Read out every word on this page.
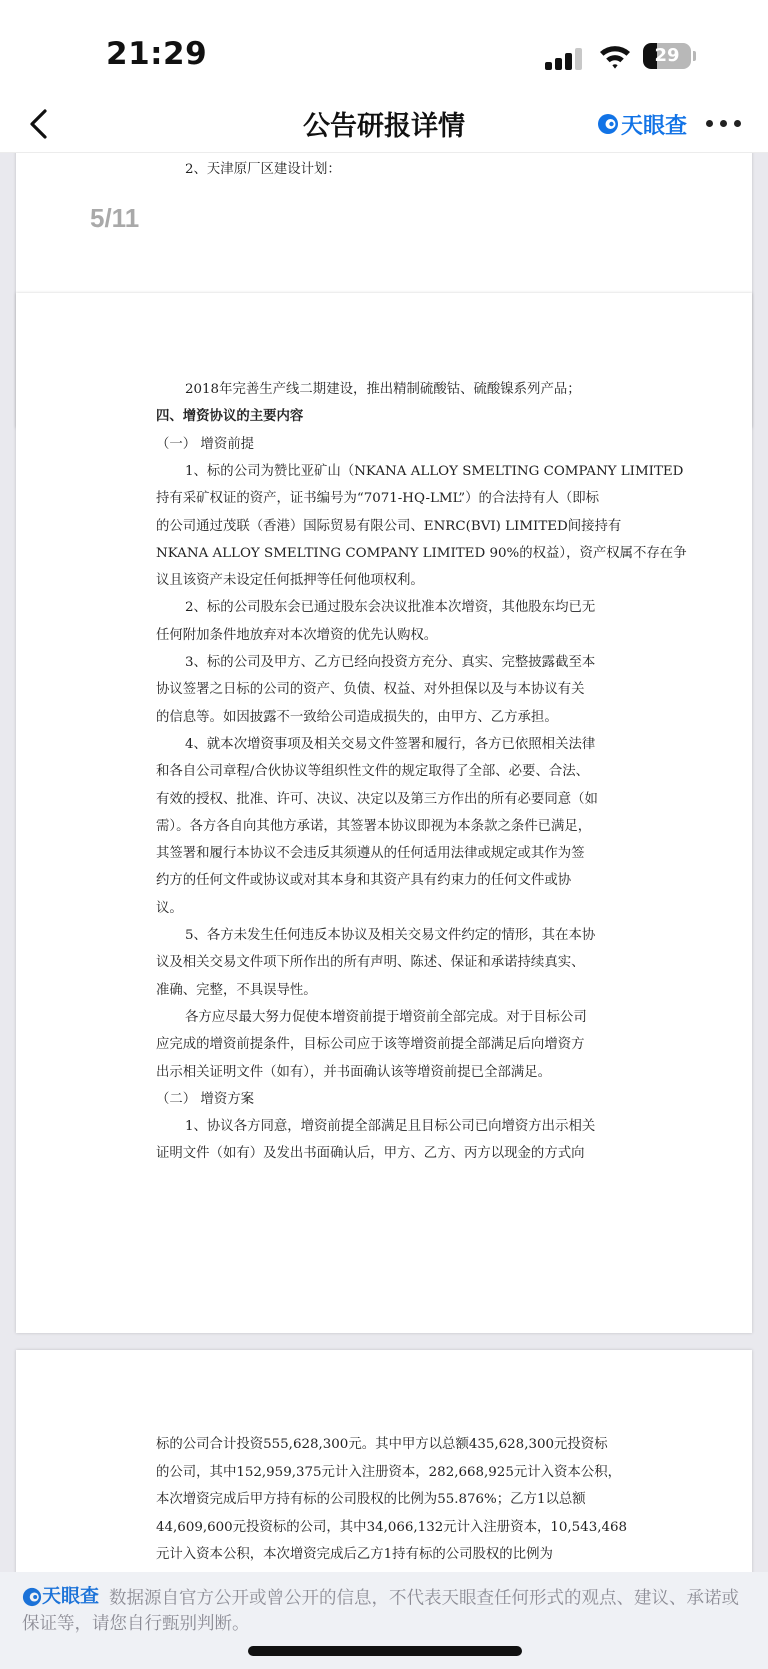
21:29	29
公告研报详情	天眼查
5/11
2、天津原厂区建设计划：
2018年完善生产线二期建设，推出精制硫酸钴、硫酸镍系列产品；
四、增资协议的主要内容
（一） 增资前提
1、标的公司为赞比亚矿山（NKANA ALLOY SMELTING COMPANY LIMITED
持有采矿权证的资产，证书编号为“7071-HQ-LML”）的合法持有人（即标
的公司通过茂联（香港）国际贸易有限公司、ENRC(BVI) LIMITED间接持有
NKANA ALLOY SMELTING COMPANY LIMITED 90%的权益），资产权属不存在争
议且该资产未设定任何抵押等任何他项权利。
2、标的公司股东会已通过股东会决议批准本次增资，其他股东均已无
任何附加条件地放弃对本次增资的优先认购权。
3、标的公司及甲方、乙方已经向投资方充分、真实、完整披露截至本
协议签署之日标的公司的资产、负债、权益、对外担保以及与本协议有关
的信息等。如因披露不一致给公司造成损失的，由甲方、乙方承担。
4、就本次增资事项及相关交易文件签署和履行，各方已依照相关法律
和各自公司章程/合伙协议等组织性文件的规定取得了全部、必要、合法、
有效的授权、批准、许可、决议、决定以及第三方作出的所有必要同意（如
需）。各方各自向其他方承诺，其签署本协议即视为本条款之条件已满足，
其签署和履行本协议不会违反其须遵从的任何适用法律或规定或其作为签
约方的任何文件或协议或对其本身和其资产具有约束力的任何文件或协
议。
5、各方未发生任何违反本协议及相关交易文件约定的情形，其在本协
议及相关交易文件项下所作出的所有声明、陈述、保证和承诺持续真实、
准确、完整，不具误导性。
各方应尽最大努力促使本增资前提于增资前全部完成。对于目标公司
应完成的增资前提条件，目标公司应于该等增资前提全部满足后向增资方
出示相关证明文件（如有），并书面确认该等增资前提已全部满足。
（二） 增资方案
1、协议各方同意，增资前提全部满足且目标公司已向增资方出示相关
证明文件（如有）及发出书面确认后，甲方、乙方、丙方以现金的方式向
标的公司合计投资555,628,300元。其中甲方以总额435,628,300元投资标
的公司，其中152,959,375元计入注册资本，282,668,925元计入资本公积，
本次增资完成后甲方持有标的公司股权的比例为55.876%；乙方1以总额
44,609,600元投资标的公司，其中34,066,132元计入注册资本，10,543,468
元计入资本公积，本次增资完成后乙方1持有标的公司股权的比例为
天眼查 数据源自官方公开或曾公开的信息，不代表天眼查任何形式的观点、建议、承诺或保证等，请您自行甄别判断。
